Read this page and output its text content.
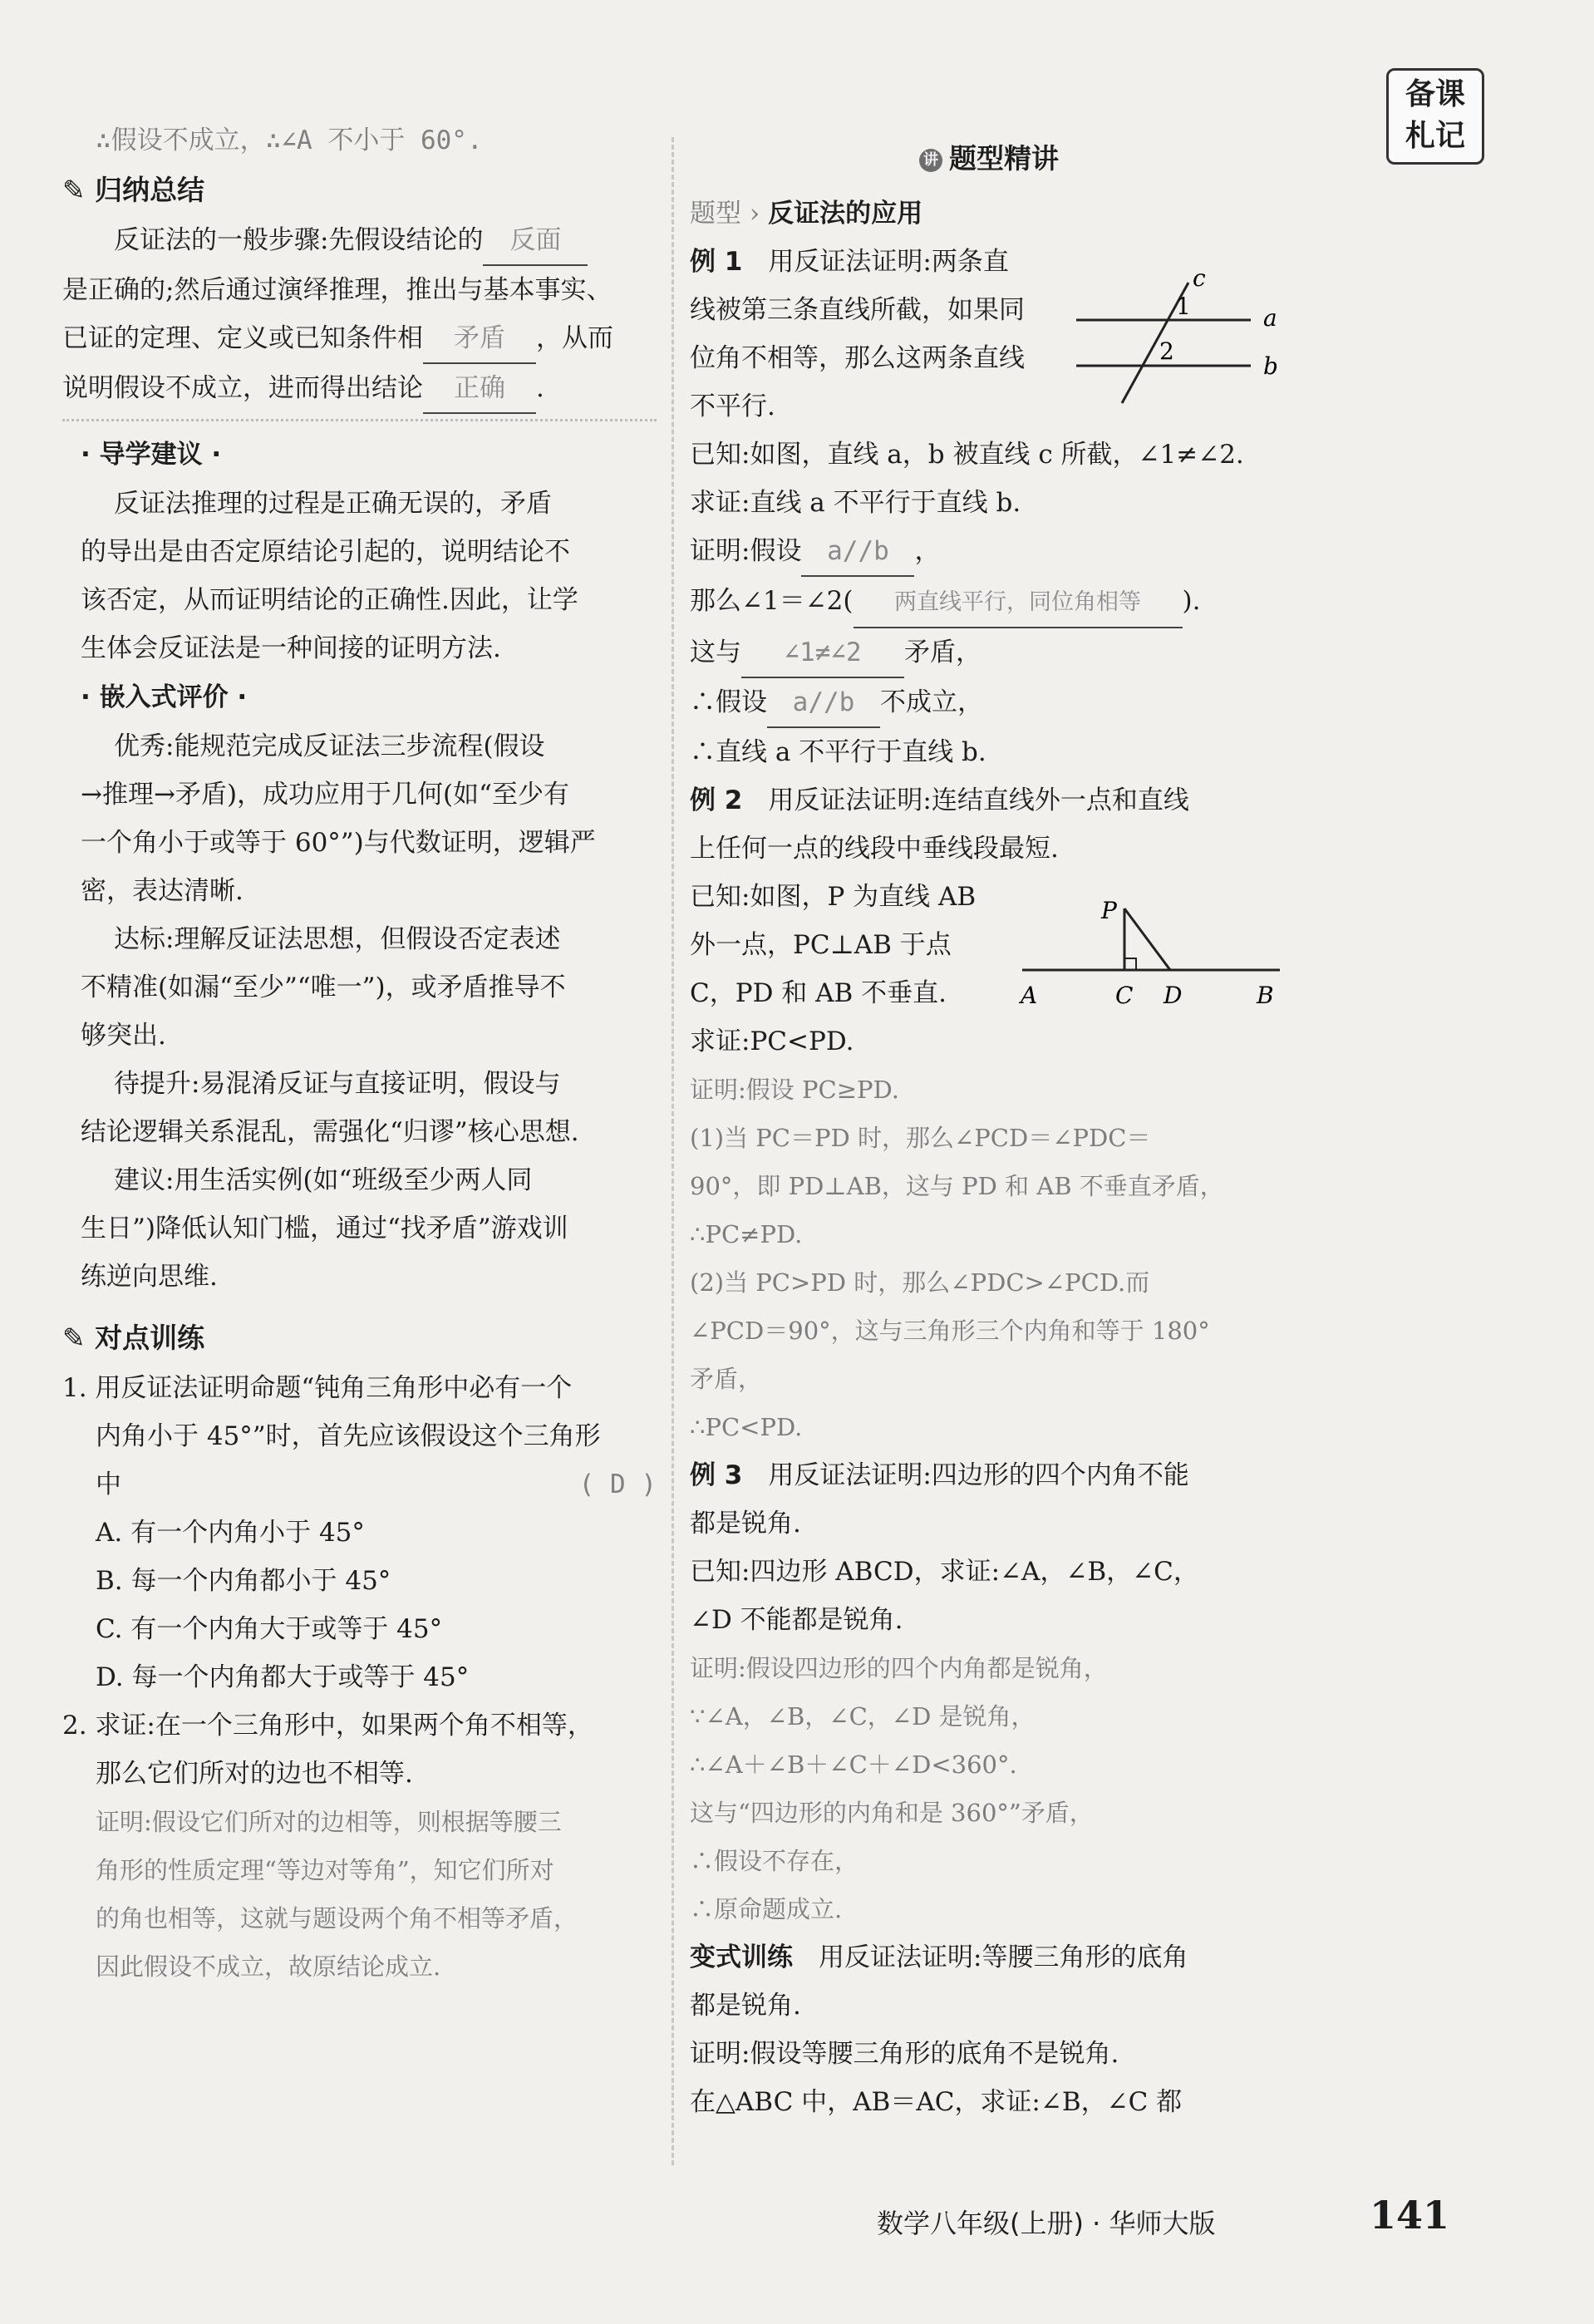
备课
札记
∴假设不成立，∴∠A 不小于 60°.
✎ 归纳总结
反证法的一般步骤:先假设结论的 反面
是正确的;然后通过演绎推理，推出与基本事实、
已证的定理、定义或已知条件相 矛盾 ，从而
说明假设不成立，进而得出结论 正确 .
· 导学建议 ·
反证法推理的过程是正确无误的，矛盾
的导出是由否定原结论引起的，说明结论不
该否定，从而证明结论的正确性.因此，让学
生体会反证法是一种间接的证明方法.
· 嵌入式评价 ·
优秀:能规范完成反证法三步流程(假设
→推理→矛盾)，成功应用于几何(如“至少有
一个角小于或等于 60°”)与代数证明，逻辑严
密，表达清晰.
达标:理解反证法思想，但假设否定表述
不精准(如漏“至少”“唯一”)，或矛盾推导不
够突出.
待提升:易混淆反证与直接证明，假设与
结论逻辑关系混乱，需强化“归谬”核心思想.
建议:用生活实例(如“班级至少两人同
生日”)降低认知门槛，通过“找矛盾”游戏训
练逆向思维.
✎ 对点训练
1. 用反证法证明命题“钝角三角形中必有一个
内角小于 45°”时，首先应该假设这个三角形
中	( D )
A. 有一个内角小于 45°
B. 每一个内角都小于 45°
C. 有一个内角大于或等于 45°
D. 每一个内角都大于或等于 45°
2. 求证:在一个三角形中，如果两个角不相等，
那么它们所对的边也不相等.
证明:假设它们所对的边相等，则根据等腰三
角形的性质定理“等边对等角”，知它们所对
的角也相等，这就与题设两个角不相等矛盾，
因此假设不成立，故原结论成立.
讲 题型精讲
题型 › 反证法的应用
例 1　 用反证法证明:两条直
线被第三条直线所截，如果同
位角不相等，那么这两条直线
不平行.
已知:如图，直线 a，b 被直线 c 所截，∠1≠∠2.
求证:直线 a 不平行于直线 b.
证明:假设 a//b ，
那么∠1＝∠2( 两直线平行，同位角相等 ).
这与 ∠1≠∠2 矛盾，
∴假设 a//b 不成立，
∴直线 a 不平行于直线 b.
例 2　 用反证法证明:连结直线外一点和直线
上任何一点的线段中垂线段最短.
已知:如图，P 为直线 AB
外一点，PC⊥AB 于点
C，PD 和 AB 不垂直.
求证:PC<PD.
证明:假设 PC≥PD.
(1)当 PC＝PD 时，那么∠PCD＝∠PDC＝
90°，即 PD⊥AB，这与 PD 和 AB 不垂直矛盾，
∴PC≠PD.
(2)当 PC>PD 时，那么∠PDC>∠PCD.而
∠PCD＝90°，这与三角形三个内角和等于 180°
矛盾，
∴PC<PD.
例 3　 用反证法证明:四边形的四个内角不能
都是锐角.
已知:四边形 ABCD，求证:∠A，∠B，∠C，
∠D 不能都是锐角.
证明:假设四边形的四个内角都是锐角，
∵∠A，∠B，∠C，∠D 是锐角，
∴∠A＋∠B＋∠C＋∠D<360°.
这与“四边形的内角和是 360°”矛盾，
∴假设不存在，
∴原命题成立.
变式训练　 用反证法证明:等腰三角形的底角
都是锐角.
证明:假设等腰三角形的底角不是锐角.
在△ABC 中，AB＝AC，求证:∠B，∠C 都
c
1	a
2
b
P
A	C D	B
数学八年级(上册) · 华师大版	141
